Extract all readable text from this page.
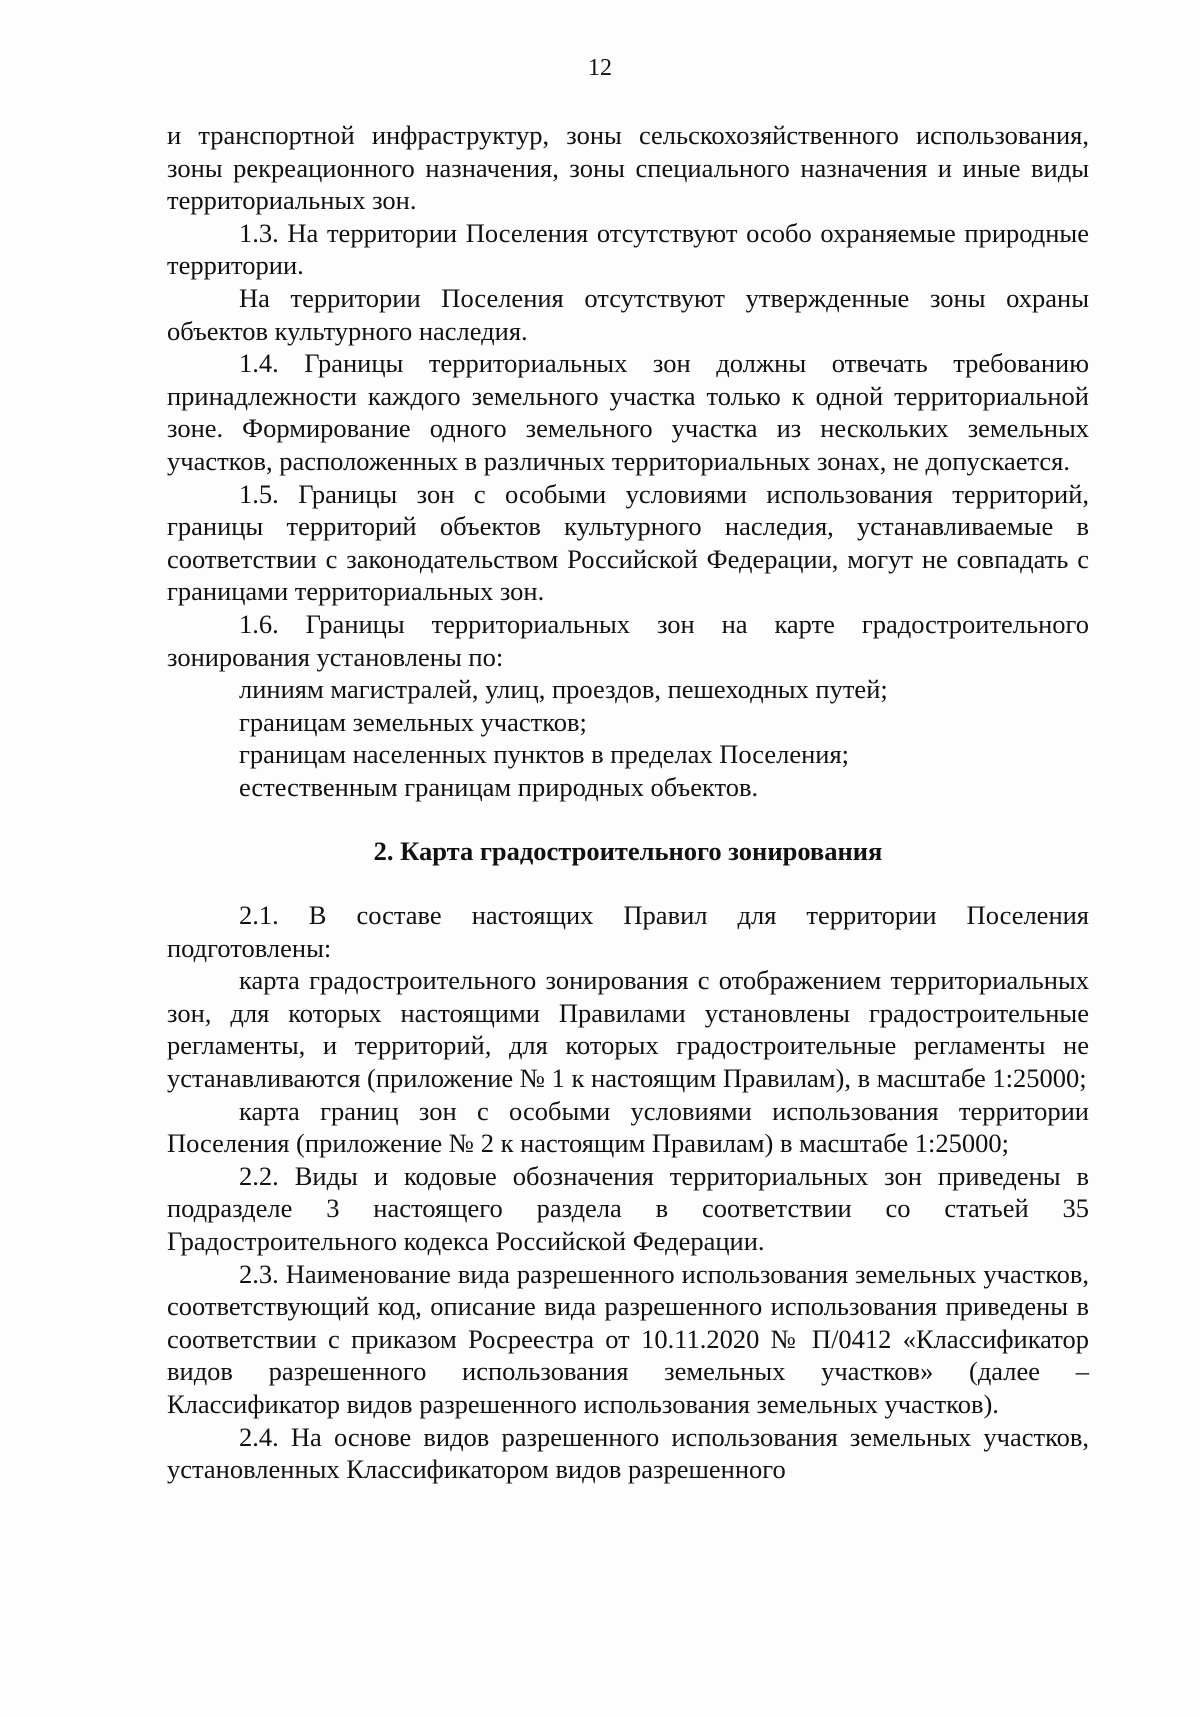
12

и транспортной инфраструктур, зоны сельскохозяйственного использования, зоны рекреационного назначения, зоны специального назначения и иные виды территориальных зон.

1.3. На территории Поселения отсутствуют особо охраняемые природные территории.

На территории Поселения отсутствуют утвержденные зоны охраны объектов культурного наследия.

1.4. Границы территориальных зон должны отвечать требованию принадлежности каждого земельного участка только к одной территориальной зоне. Формирование одного земельного участка из нескольких земельных участков, расположенных в различных территориальных зонах, не допускается.

1.5. Границы зон с особыми условиями использования территорий, границы территорий объектов культурного наследия, устанавливаемые в соответствии с законодательством Российской Федерации, могут не совпадать с границами территориальных зон.

1.6. Границы территориальных зон на карте градостроительного зонирования установлены по:

линиям магистралей, улиц, проездов, пешеходных путей;

границам земельных участков;

границам населенных пунктов в пределах Поселения;

естественным границам природных объектов.

2. Карта градостроительного зонирования

2.1. В составе настоящих Правил для территории Поселения подготовлены:

карта градостроительного зонирования с отображением территориальных зон, для которых настоящими Правилами установлены градостроительные регламенты, и территорий, для которых градостроительные регламенты не устанавливаются (приложение № 1 к настоящим Правилам), в масштабе 1:25000;

карта границ зон с особыми условиями использования территории Поселения (приложение № 2 к настоящим Правилам) в масштабе 1:25000;

2.2. Виды и кодовые обозначения территориальных зон приведены в подразделе 3 настоящего раздела в соответствии со статьей 35 Градостроительного кодекса Российской Федерации.

2.3. Наименование вида разрешенного использования земельных участков, соответствующий код, описание вида разрешенного использования приведены в соответствии с приказом Росреестра от 10.11.2020 № П/0412 «Классификатор видов разрешенного использования земельных участков» (далее – Классификатор видов разрешенного использования земельных участков).

2.4. На основе видов разрешенного использования земельных участков, установленных Классификатором видов разрешенного
